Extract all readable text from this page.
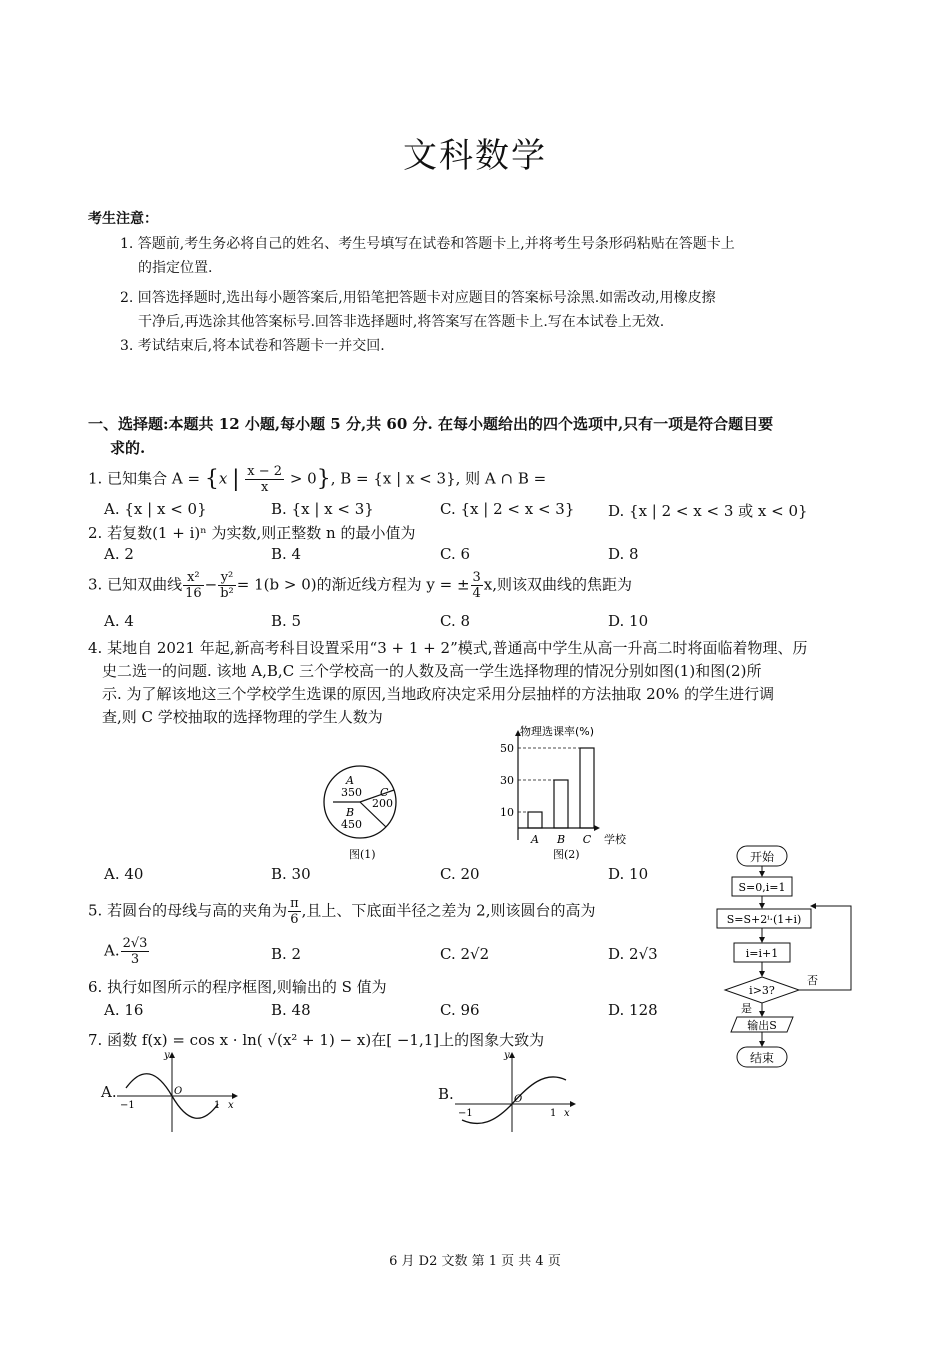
文科数学
考生注意：
1. 答题前,考生务必将自己的姓名、考生号填写在试卷和答题卡上,并将考生号条形码粘贴在答题卡上
的指定位置.
2. 回答选择题时,选出每小题答案后,用铅笔把答题卡对应题目的答案标号涂黑.如需改动,用橡皮擦
干净后,再选涂其他答案标号.回答非选择题时,将答案写在答题卡上.写在本试卷上无效.
3. 考试结束后,将本试卷和答题卡一并交回.
一、选择题:本题共 12 小题,每小题 5 分,共 60 分. 在每小题给出的四个选项中,只有一项是符合题目要
求的.
1. 已知集合 A = {x | $\frac{x - 2}{x} > 0$}, B = {x | x < 3}, 则 A ∩ B =
A. {x | x < 0}	B. {x | x < 3}	C. {x | 2 < x < 3} D. {x | 2 < x < 3 或 x < 0}
2. 若复数(1 + i)ⁿ 为实数,则正整数 n 的最小值为
A. 2	B. 4	C. 6	D. 8
3. 已知双曲线 $\frac{\text{x²}}{16} - \frac{\text{y²}}{\text{b²}} = 1(b > 0)$的渐近线方程为 y = ± $\frac{3}{4} x$,则该双曲线的焦距为
A. 4	B. 5	C. 8	D. 10
4. 某地自 2021 年起,新高考科目设置采用“3 + 1 + 2”模式,普通高中学生从高一升高二时将面临着物理、历
史二选一的问题. 该地 A,B,C 三个学校高一的人数及高一学生选择物理的情况分别如图(1)和图(2)所
示. 为了解该地这三个学校学生选课的原因,当地政府决定采用分层抽样的方法抽取 20% 的学生进行调
查,则 C 学校抽取的选择物理的学生人数为
A
350
B
450
C
200
图(1)
物理选课率(%)
学校
A B C
10
30
50
图(2)
A. 40	B. 30	C. 20	D. 10
5. 若圆台的母线与高的夹角为 $\frac{\pi}{6}$ ,且上、下底面半径之差为 2,则该圆台的高为
A. $\frac{2√3}{3}$	B. 2	C. 2√2	D. 2√3
6. 执行如图所示的程序框图,则输出的 S 值为
A. 16	B. 48	C. 96	D. 128
7. 函数 f(x) = cos x · ln( √(x² + 1) − x)在[ −1,1]上的图象大致为
A.
y
O
−1	1 x
B.
y
O
−1	1 x
开始
S=0,i=1
S=S+2ⁱ·(1+i)
i=i+1
i>3?
否
是
输出S
结束
6 月 D2 文数 第 1 页 共 4 页
